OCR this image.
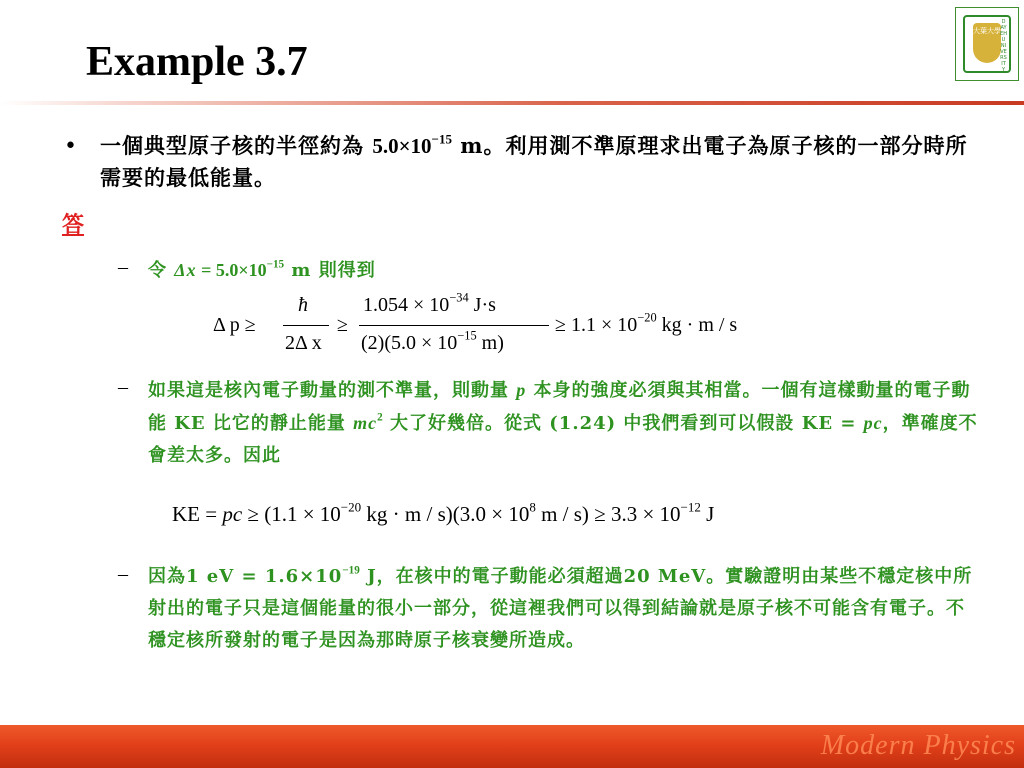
Example 3.7
大葉大學
DAYEH UNIVERSITY
• 一個典型原子核的半徑約為 $5.0\times 10^{-15}$ m。利用測不準原理求出電子為原子核的一部分時所需要的最低能量。
答
– 令 $\Delta x = 5.0\times 10^{-15}$ m 則得到
Δ p ≥
ħ
2Δ x
≥
$1.054 \times 10^{-34}$ J·s
$(2)(5.0 \times 10^{-15}$ m)
≥ $1.1 \times 10^{-20}$ kg · m / s
– 如果這是核內電子動量的測不準量，則動量 p 本身的強度必須與其相當。一個有這樣動量的電子動能 KE 比它的靜止能量 $mc^2$ 大了好幾倍。從式 (1.24) 中我們看到可以假設 KE = pc，準確度不會差太多。因此
KE = pc ≥ ($1.1 \times 10^{-20}$ kg · $m / s)(3.0 \times 10^8$ $m / s) \ge 3.3 \times 10^{-12}$ J
– 因為1 eV = $1.6\times 10^{-19}$ J，在核中的電子動能必須超過20 MeV。實驗證明由某些不穩定核中所射出的電子只是這個能量的很小一部分，從這裡我們可以得到結論就是原子核不可能含有電子。不穩定核所發射的電子是因為那時原子核衰變所造成。
Modern Physics
